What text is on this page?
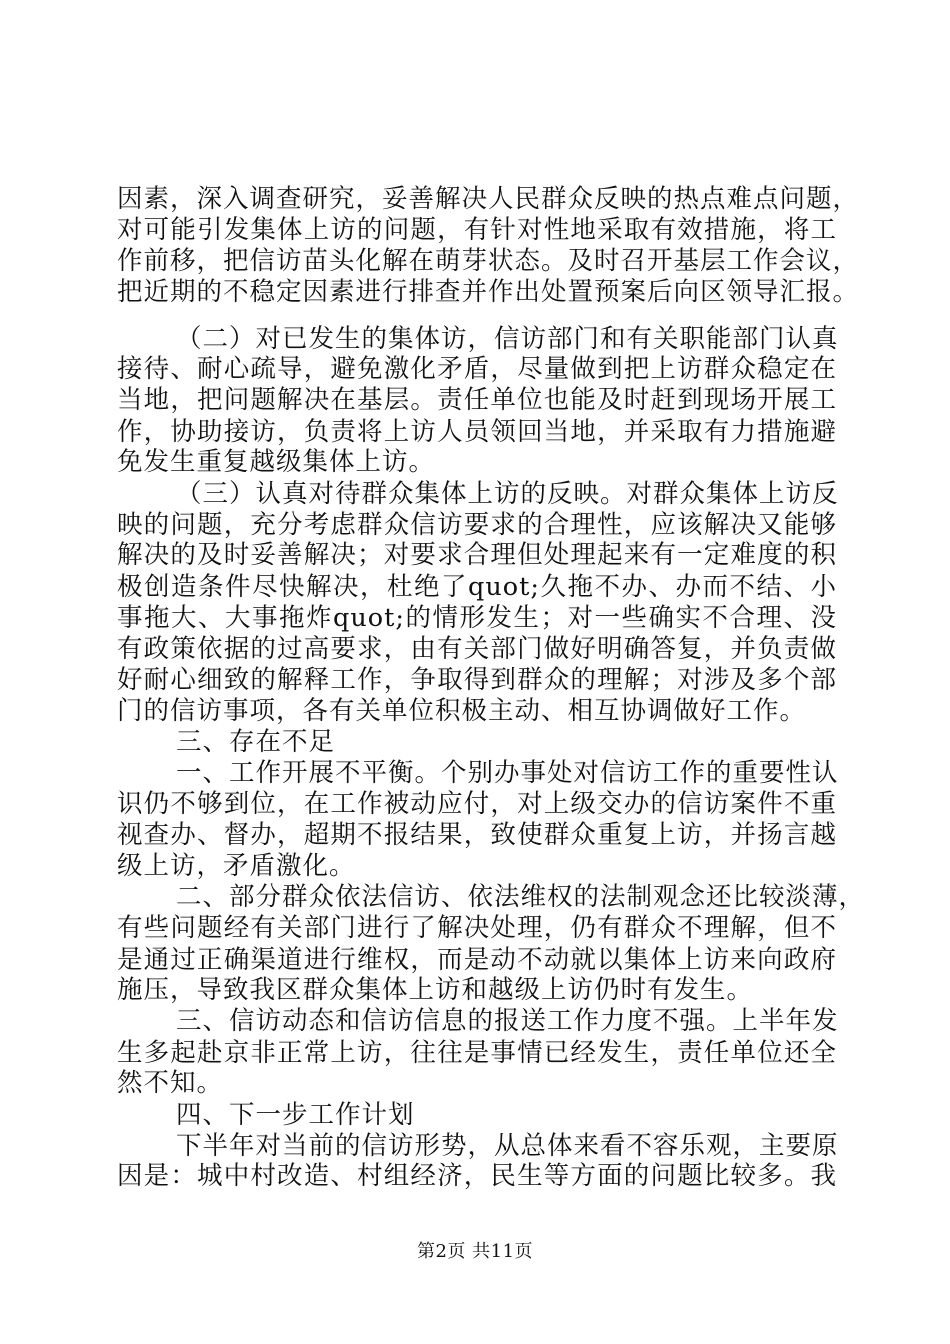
因素，深入调查研究，妥善解决人民群众反映的热点难点问题，
对可能引发集体上访的问题，有针对性地采取有效措施，将工
作前移，把信访苗头化解在萌芽状态。及时召开基层工作会议，
把近期的不稳定因素进行排查并作出处置预案后向区领导汇报。
（二）对已发生的集体访，信访部门和有关职能部门认真
接待、耐心疏导，避免激化矛盾，尽量做到把上访群众稳定在
当地，把问题解决在基层。责任单位也能及时赶到现场开展工
作，协助接访，负责将上访人员领回当地，并采取有力措施避
免发生重复越级集体上访。
（三）认真对待群众集体上访的反映。对群众集体上访反
映的问题，充分考虑群众信访要求的合理性，应该解决又能够
解决的及时妥善解决；对要求合理但处理起来有一定难度的积
极创造条件尽快解决，杜绝了quot;久拖不办、办而不结、小
事拖大、大事拖炸quot;的情形发生；对一些确实不合理、没
有政策依据的过高要求，由有关部门做好明确答复，并负责做
好耐心细致的解释工作，争取得到群众的理解；对涉及多个部
门的信访事项，各有关单位积极主动、相互协调做好工作。
三、存在不足
一、工作开展不平衡。个别办事处对信访工作的重要性认
识仍不够到位，在工作被动应付，对上级交办的信访案件不重
视查办、督办，超期不报结果，致使群众重复上访，并扬言越
级上访，矛盾激化。
二、部分群众依法信访、依法维权的法制观念还比较淡薄，
有些问题经有关部门进行了解决处理，仍有群众不理解，但不
是通过正确渠道进行维权，而是动不动就以集体上访来向政府
施压，导致我区群众集体上访和越级上访仍时有发生。
三、信访动态和信访信息的报送工作力度不强。上半年发
生多起赴京非正常上访，往往是事情已经发生，责任单位还全
然不知。
四、下一步工作计划
下半年对当前的信访形势，从总体来看不容乐观，主要原
因是：城中村改造、村组经济，民生等方面的问题比较多。我
第2页 共11页
